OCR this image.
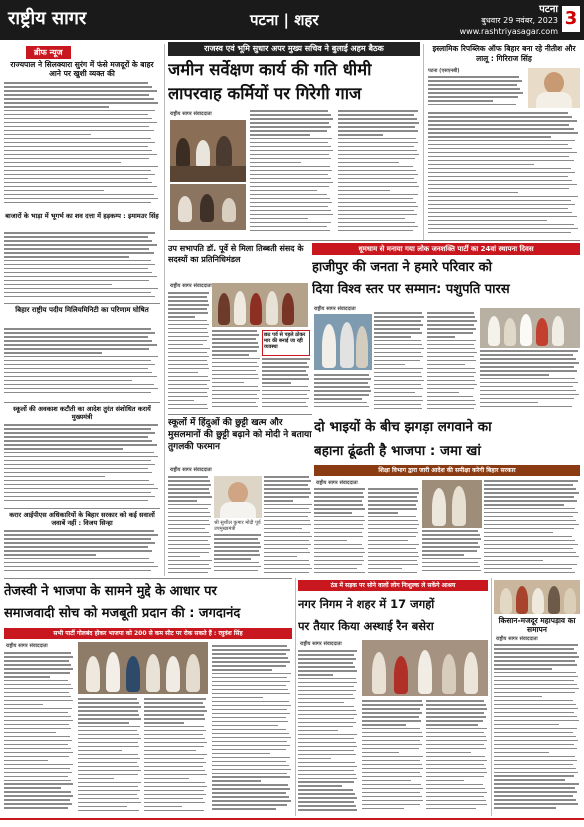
राष्ट्रीय सागर	पटना | शहर
पटना
बुधवार 29 नवंबर, 2023
www.rashtriyasagar.com
3
ब्रीफ न्यूज
राज्यपाल ने सिलक्यारा सुरंग में फंसे मजदूरों के बाहर आने पर खुशी व्यक्त की
बाजारों के भाड़ा में भूगर्भ का शव दत्ता में हड़कम्प : इमामउर सिंह
बिहार राष्ट्रीय पदीय मिलियमिनिटी का परिणाम घोषित
स्कूलों की अवकाश कटौती का आदेश तुरंत संशोधित करायें मुख्यमंत्री
करार आईपीएस अधिकारियों के बिहार सरकार को कई सवालों जवाबें नहीं : विजय सिन्हा
राजस्व एवं भूमि सुधार अपर मुख्य सचिव ने बुलाई अहम बैठक
जमीन सर्वेक्षण कार्य की गति धीमी
लापरवाह कर्मियों पर गिरेगी गाज
राष्ट्रीय सागर संवाददाता
इस्लामिक रिपब्लिक ऑफ बिहार बना रहे नीतीश और लालू : गिरिराज सिंह
पटना (एसएनबी)
उप सभापति डॉ. पूर्वे से मिला तिब्बती संसद के सदस्यों का प्रतिनिधिमंडल
राष्ट्रीय सागर संवाददाता
छठ पर्व से पहले ठोकर मार की बनाई जा रही व्यवस्था
धूमधाम से मनाया गया लोक जनशक्ति पार्टी का 24वां स्थापना दिवस
हाजीपुर की जनता ने हमारे परिवार को
दिया विश्व स्तर पर सम्मान: पशुपति पारस
राष्ट्रीय सागर संवाददाता
स्कूलों में हिंदुओं की छुट्टी खत्म और मुसलमानों की छुट्टी बढ़ाने को मोदी ने बताया तुगलकी फरमान
राष्ट्रीय सागर संवाददाता
श्री सुशील कुमार मोदी पूर्व उपमुख्यमंत्री
दो भाइयों के बीच झगड़ा लगवाने का
बहाना ढूंढती है भाजपा : जमा खां
शिक्षा विभाग द्वारा जारी आदेश की समीक्षा करेगी बिहार सरकार
राष्ट्रीय सागर संवाददाता
तेजस्वी ने भाजपा के सामने मुद्दे के आधार पर
समाजवादी सोच को मजबूती प्रदान की : जगदानंद
सभी पार्टी गोलबंद होकर भाजपा को 200 से कम सीट पर रोक सकते हैं : रघुवंश सिंह
राष्ट्रीय सागर संवाददाता
ठंड में सड़क पर सोने वालों लोग निःशुल्क ले सकेंगे आश्रय
नगर निगम ने शहर में 17 जगहों
पर तैयार किया अस्थाई रैन बसेरा
राष्ट्रीय सागर संवाददाता
किसान-मजदूर महापड़ाव का समापन
राष्ट्रीय सागर संवाददाता
